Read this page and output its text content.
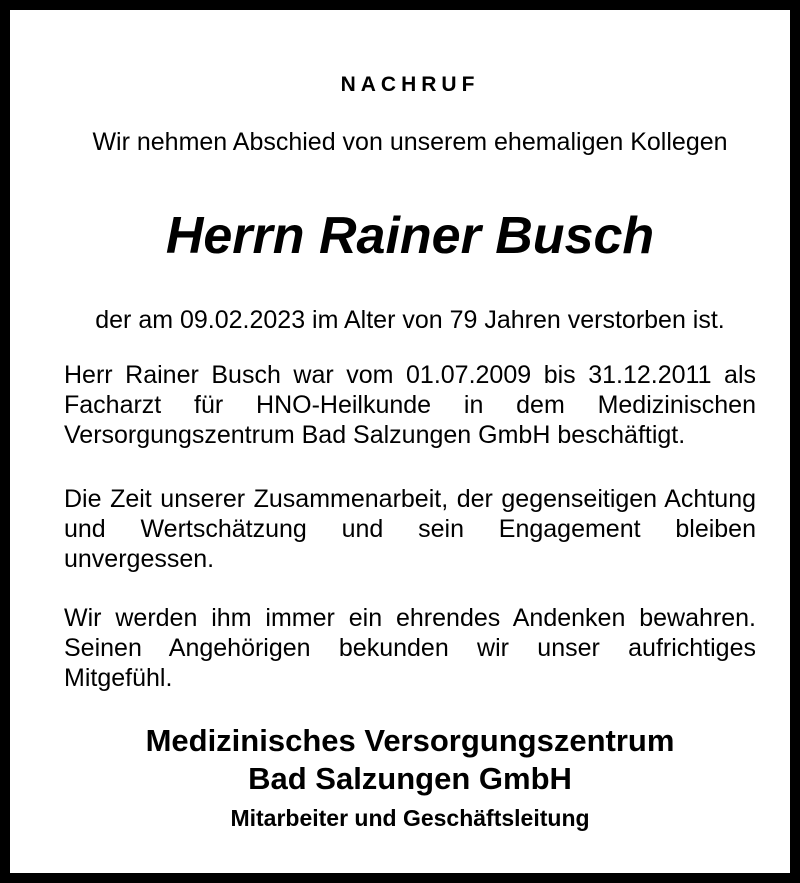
NACHRUF
Wir nehmen Abschied von unserem ehemaligen Kollegen
Herrn Rainer Busch

der am 09.02.2023 im Alter von 79 Jahren verstorben ist.

Herr Rainer Busch war vom 01.07.2009 bis 31.12.2011 als Facharzt für HNO-Heilkunde in dem Medizinischen Versorgungszentrum Bad Salzungen GmbH beschäftigt.

Die Zeit unserer Zusammenarbeit, der gegenseitigen Achtung und Wertschätzung und sein Engagement bleiben unvergessen.

Wir werden ihm immer ein ehrendes Andenken bewahren. Seinen Angehörigen bekunden wir unser aufrichtiges Mitgefühl.

Medizinisches Versorgungszentrum
Bad Salzungen GmbH
Mitarbeiter und Geschäftsleitung
